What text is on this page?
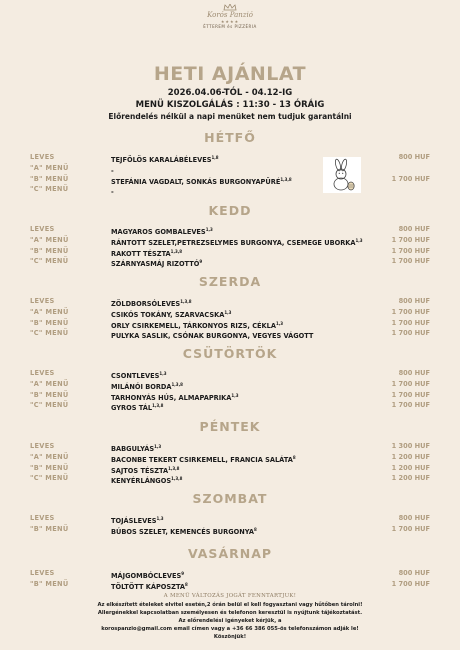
Korós Panzió
★★★★
ÉTTEREM és PIZZÉRIA
HETI AJÁNLAT
2026.04.06-TÓL - 04.12-IG
MENÜ KISZOLGÁLÁS : 11:30 - 13 ÓRÁIG
Előrendelés nélkül a napi menüket nem tudjuk garantálni
HÉTFŐ
LEVES	TEJFÖLÖS KARALÁBÉLEVES$^{1,8}$	800 HUF
"A" MENÜ	-
"B" MENÜ	STEFÁNIA VAGDALT, SONKÁS BURGONYAPÜRÉ$^{1,3,8}$	1 700 HUF
"C" MENÜ	-
KEDD
LEVES	MAGYAROS GOMBALEVES$^{1,3}$	800 HUF
"A" MENÜ	RÁNTOTT SZELET,PETREZSELYMES BURGONYA, CSEMEGE UBORKA$^{1,3}$	1 700 HUF
"B" MENÜ	RAKOTT TÉSZTA$^{1,3,8}$	1 700 HUF
"C" MENÜ	SZÁRNYASMÁJ RIZOTTÓ$^9$	1 700 HUF
SZERDA
LEVES	ZÖLDBORSÓLEVES$^{1,3,8}$	800 HUF
"A" MENÜ	CSIKÓS TOKÁNY, SZARVACSKA$^{1,3}$	1 700 HUF
"B" MENÜ	ORLY CSIRKEMELL, TÁRKONYOS RIZS, CÉKLA$^{1,3}$	1 700 HUF
"C" MENÜ	PULYKA SASLIK, CSÓNAK BURGONYA, VEGYES VÁGOTT	1 700 HUF
CSÜTÖRTÖK
LEVES	CSONTLEVES$^{1,3}$	800 HUF
"A" MENÜ	MILÁNÓI BORDA$^{1,3,8}$	1 700 HUF
"B" MENÜ	TARHONYÁS HÚS, ALMAPAPRIKA$^{1,3}$	1 700 HUF
"C" MENÜ	GYROS TÁL$^{1,3,8}$	1 700 HUF
PÉNTEK
LEVES	BABGULYÁS$^{1,3}$	1 300 HUF
"A" MENÜ	BACONBE TEKERT CSIRKEMELL, FRANCIA SALÁTA$^8$	1 200 HUF
"B" MENÜ	SAJTOS TÉSZTA$^{1,3,8}$	1 200 HUF
"C" MENÜ	KENYÉRLÁNGOS$^{1,3,8}$	1 200 HUF
SZOMBAT
LEVES	TOJÁSLEVES$^{1,3}$	800 HUF
"B" MENÜ	BÚBOS SZELET, KEMENCÉS BURGONYA$^8$	1 700 HUF
VASÁRNAP
LEVES	MÁJGOMBÓCLEVES$^9$	800 HUF
"B" MENÜ	TÖLTÖTT KÁPOSZTA$^8$	1 700 HUF
A MENÜ VÁLTOZÁS JOGÁT FENNTARTJUK!
Az elkészített ételeket elvitel esetén,2 órán belül el kell fogyasztani vagy hűtőben tárolni!
Allergénekkel kapcsolatban személyesen és telefonon keresztül is nyújtunk tájékoztatást.
Az előrendelési igényeket kérjük, a
korospanzio@gmail.com email címen vagy a +36 66 386 055-ös telefonszámon adják le!
Köszönjük!
